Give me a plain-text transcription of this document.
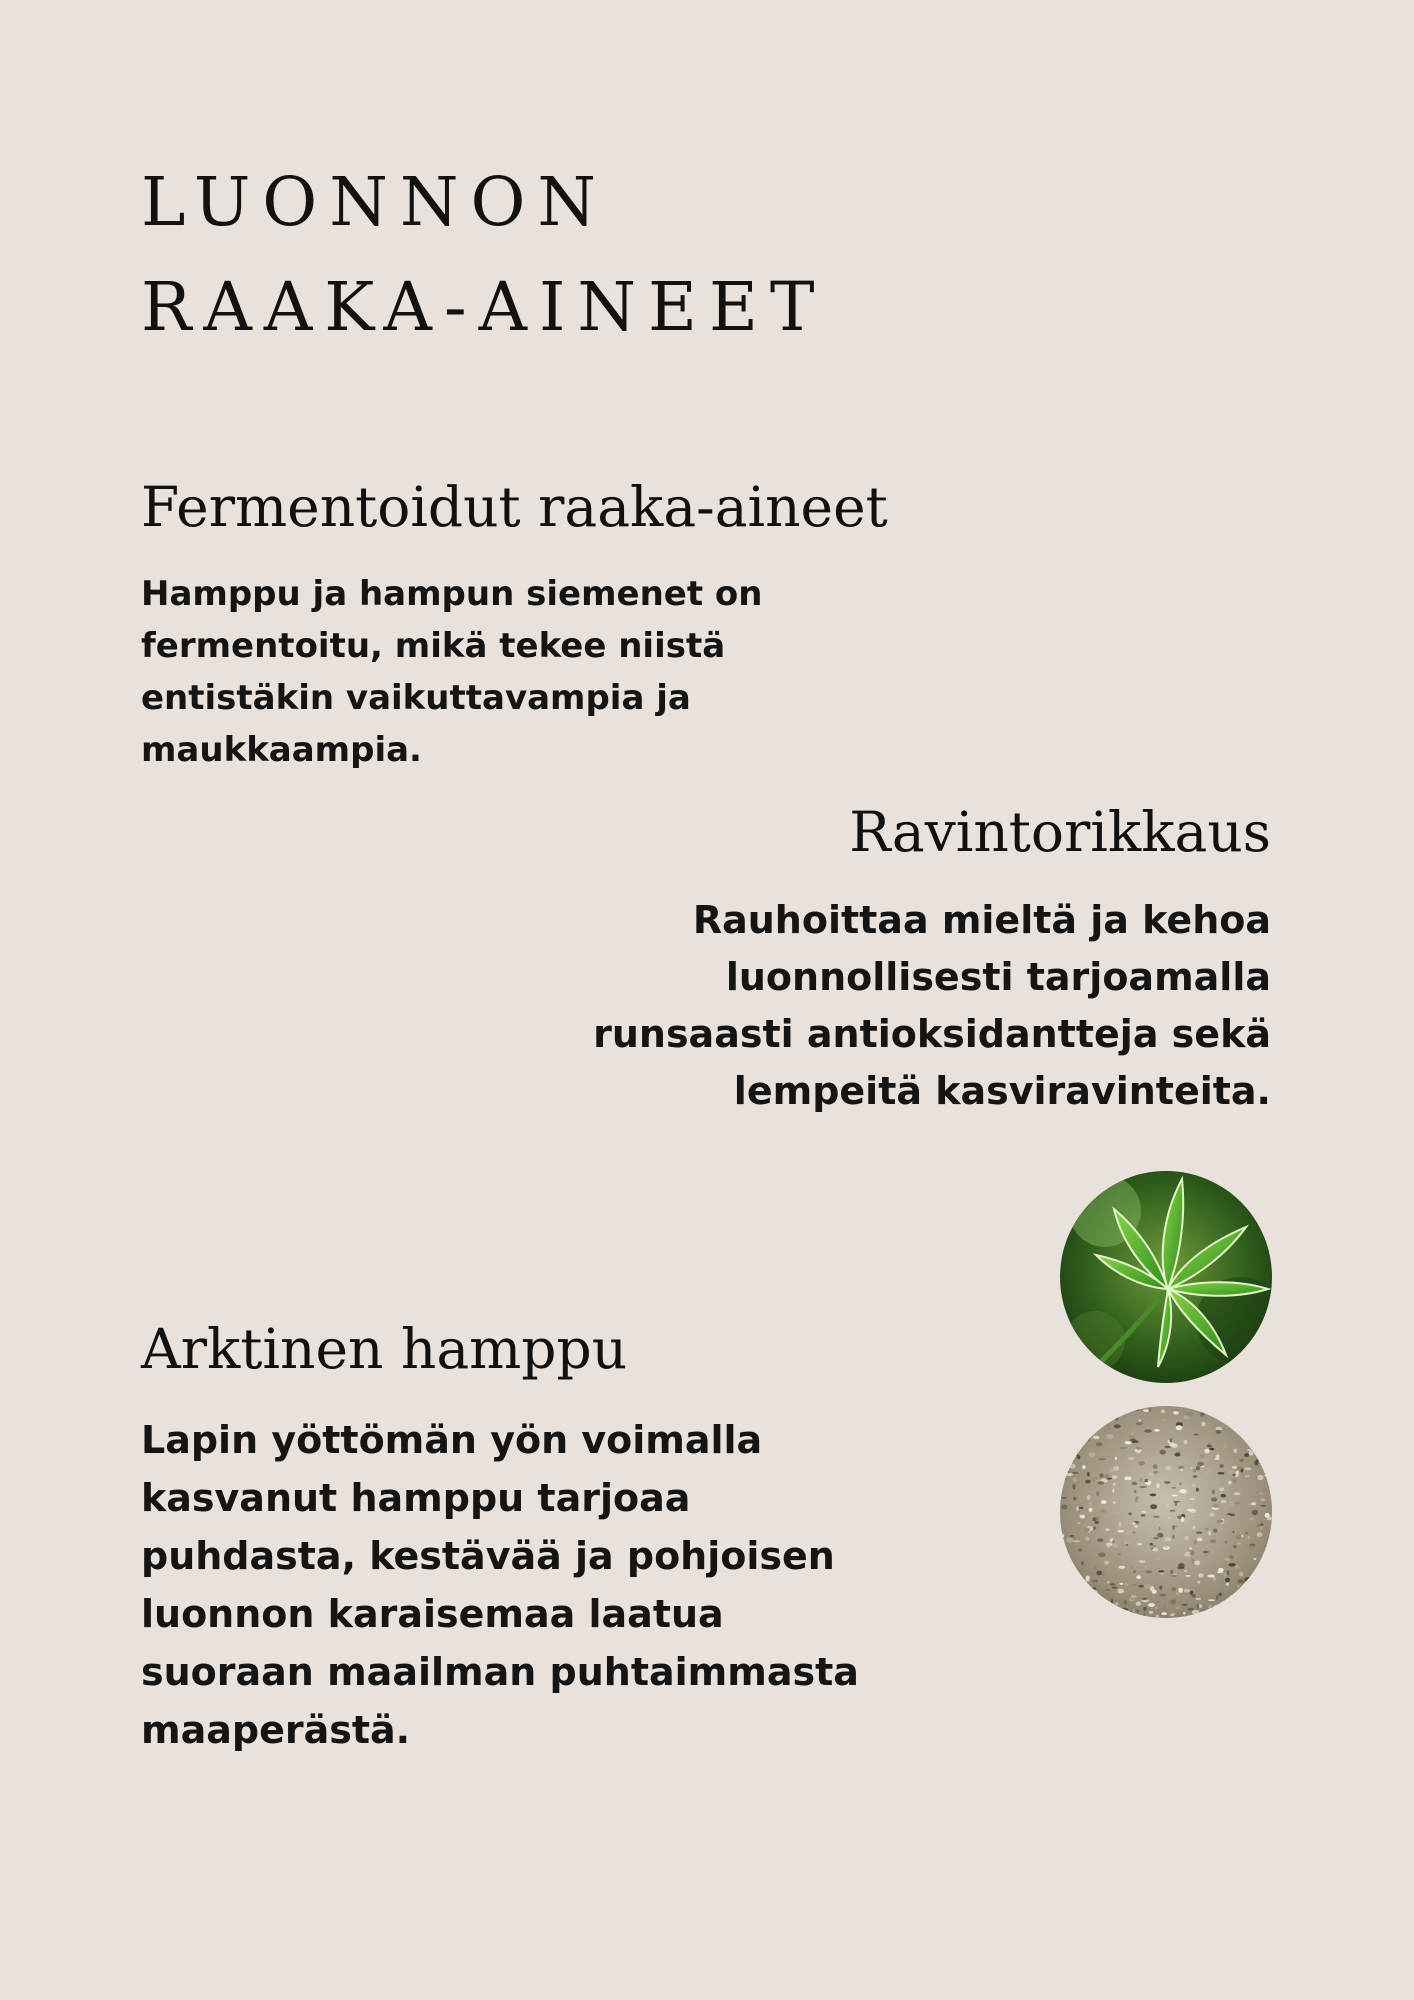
LUONNON
RAAKA-AINEET
Fermentoidut raaka-aineet

Hamppu ja hampun siemenet on fermentoitu, mikä tekee niistä entistäkin vaikuttavampia ja maukkaampia.

Ravintorikkaus

Rauhoittaa mieltä ja kehoa luonnollisesti tarjoamalla runsaasti antioksidantteja sekä lempeitä kasviravinteita.

Arktinen hamppu

Lapin yöttömän yön voimalla kasvanut hamppu tarjoaa puhdasta, kestävää ja pohjoisen luonnon karaisemaa laatua suoraan maailman puhtaimmasta maaperästä.
